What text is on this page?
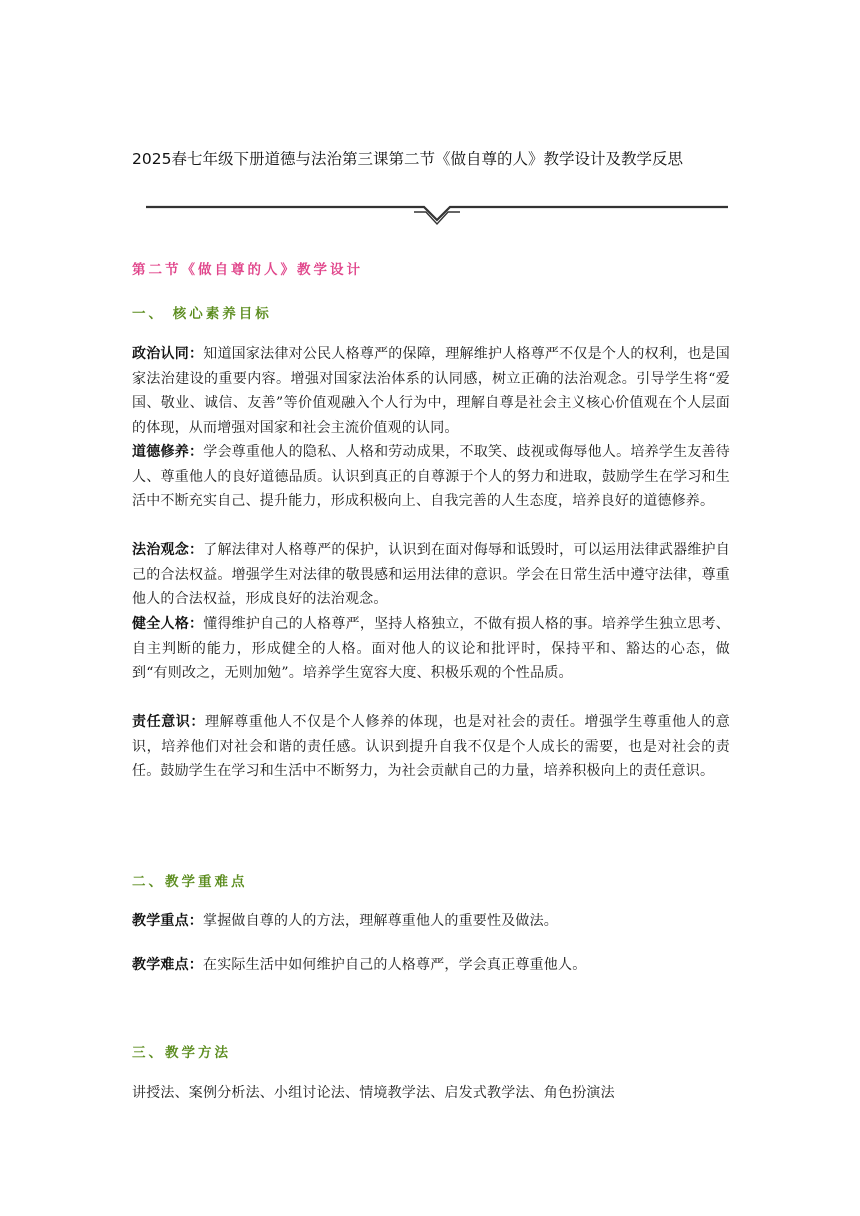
2025春七年级下册道德与法治第三课第二节《做自尊的人》教学设计及教学反思
第二节《做自尊的人》教学设计
一、 核心素养目标
政治认同：知道国家法律对公民人格尊严的保障，理解维护人格尊严不仅是个人的权利，也是国家法治建设的重要内容。增强对国家法治体系的认同感，树立正确的法治观念。引导学生将“爱国、敬业、诚信、友善”等价值观融入个人行为中，理解自尊是社会主义核心价值观在个人层面的体现，从而增强对国家和社会主流价值观的认同。
道德修养：学会尊重他人的隐私、人格和劳动成果，不取笑、歧视或侮辱他人。培养学生友善待人、尊重他人的良好道德品质。认识到真正的自尊源于个人的努力和进取，鼓励学生在学习和生活中不断充实自己、提升能力，形成积极向上、自我完善的人生态度，培养良好的道德修养。
法治观念：了解法律对人格尊严的保护，认识到在面对侮辱和诋毁时，可以运用法律武器维护自己的合法权益。增强学生对法律的敬畏感和运用法律的意识。学会在日常生活中遵守法律，尊重他人的合法权益，形成良好的法治观念。
健全人格：懂得维护自己的人格尊严，坚持人格独立，不做有损人格的事。培养学生独立思考、自主判断的能力，形成健全的人格。面对他人的议论和批评时，保持平和、豁达的心态，做到“有则改之，无则加勉”。培养学生宽容大度、积极乐观的个性品质。
责任意识：理解尊重他人不仅是个人修养的体现，也是对社会的责任。增强学生尊重他人的意识，培养他们对社会和谐的责任感。认识到提升自我不仅是个人成长的需要，也是对社会的责任。鼓励学生在学习和生活中不断努力，为社会贡献自己的力量，培养积极向上的责任意识。
二、教学重难点
教学重点：掌握做自尊的人的方法，理解尊重他人的重要性及做法。
教学难点：在实际生活中如何维护自己的人格尊严，学会真正尊重他人。
三、教学方法
讲授法、案例分析法、小组讨论法、情境教学法、启发式教学法、角色扮演法
